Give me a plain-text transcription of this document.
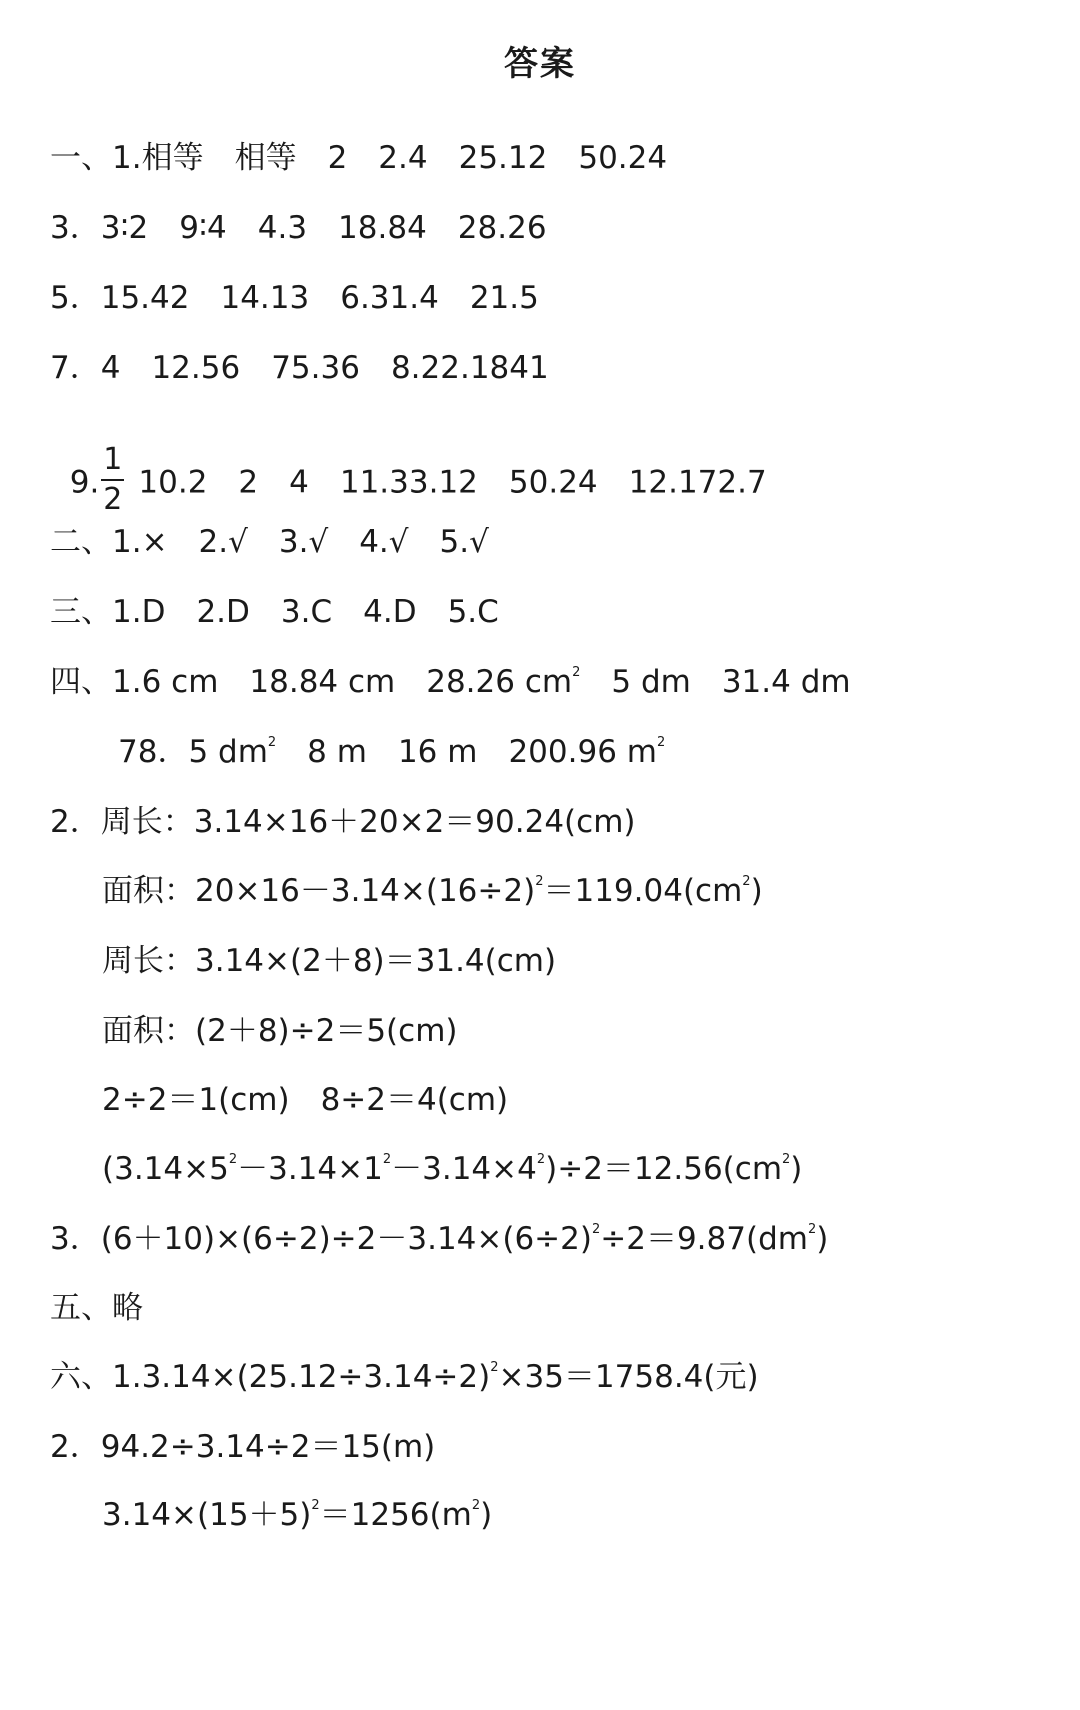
答案
一、1.相等　相等　2　2.4　25.12　50.24
3．3∶2　9∶4　4.3　18.84　28.26
5．15.42　14.13　6.31.4　21.5
7．4　12.56　75.36　8.22.1841

9. $\frac{1}{2} 10.2$　2　4　11.33.12　50.24　12.172.7

二、1.×　2.√　3.√　4.√　5.√
三、1.D　2.D　3.C　4.D　5.C
四、1.6 cm　18.84 cm　28.26 $cm^2$　5 dm　31.4 dm
78．5 $dm^2$　8 m　16 m　200.96 $m^2$
2．周长：3.14×16＋20×2＝90.24(cm)
面积：$20\times 16-3.14\times(16\div 2)^2=119.04(cm^2)$
周长：3.14×(2＋8)＝31.4(cm)
面积：(2＋8)÷2＝5(cm)
2÷2＝1(cm)　8÷2＝4(cm)
$(3.14\times 5^2-3.14\times 1^2-3.14\times 4^2)\div 2=12.56(cm^2)$
3．$(6+10)\times(6\div 2)\div 2-3.14\times(6\div 2)^2\div 2=9.87(dm^2)$
五、略
六、$1.3.14\times(25.12\div 3.14\div 2)^2\times 35=1758.4$(元)
2．94.2÷3.14÷2＝15(m)
$3.14\times(15+5)^2=1256(m^2)$
